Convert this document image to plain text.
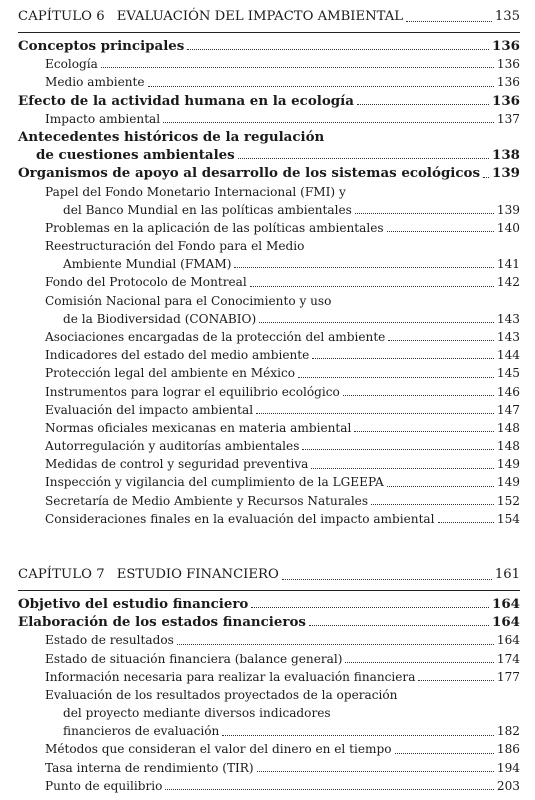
CAPÍTULO 6 EVALUACIÓN DEL IMPACTO AMBIENTAL	135
Conceptos principales	136
Ecología	136
Medio ambiente	136
Efecto de la actividad humana en la ecología	136
Impacto ambiental	137
Antecedentes históricos de la regulación
de cuestiones ambientales	138
Organismos de apoyo al desarrollo de los sistemas ecológicos 139
Papel del Fondo Monetario Internacional (FMI) y
del Banco Mundial en las políticas ambientales	139
Problemas en la aplicación de las políticas ambientales	140
Reestructuración del Fondo para el Medio
Ambiente Mundial (FMAM)	141
Fondo del Protocolo de Montreal	142
Comisión Nacional para el Conocimiento y uso
de la Biodiversidad (CONABIO)	143
Asociaciones encargadas de la protección del ambiente	143
Indicadores del estado del medio ambiente	144
Protección legal del ambiente en México	145
Instrumentos para lograr el equilibrio ecológico	146
Evaluación del impacto ambiental	147
Normas oficiales mexicanas en materia ambiental	148
Autorregulación y auditorías ambientales	148
Medidas de control y seguridad preventiva	149
Inspección y vigilancia del cumplimiento de la LGEEPA	149
Secretaría de Medio Ambiente y Recursos Naturales	152
Consideraciones finales en la evaluación del impacto ambiental	154
CAPÍTULO 7 ESTUDIO FINANCIERO	161
Objetivo del estudio financiero	164
Elaboración de los estados financieros	164
Estado de resultados	164
Estado de situación financiera (balance general)	174
Información necesaria para realizar la evaluación financiera	177
Evaluación de los resultados proyectados de la operación
del proyecto mediante diversos indicadores
financieros de evaluación	182
Métodos que consideran el valor del dinero en el tiempo	186
Tasa interna de rendimiento (TIR)	194
Punto de equilibrio	203
